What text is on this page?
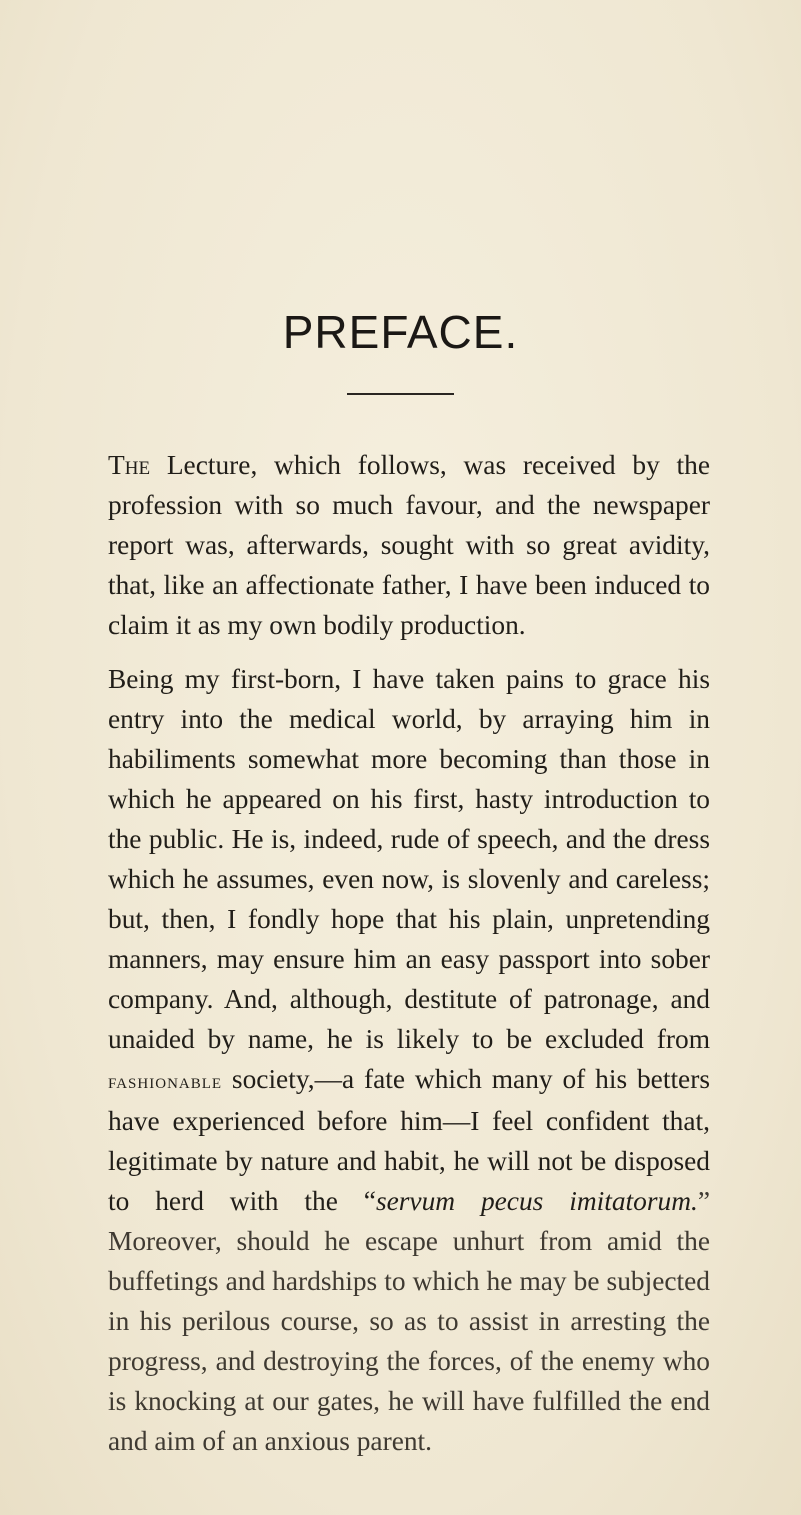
PREFACE.

The Lecture, which follows, was received by the profession with so much favour, and the newspaper report was, afterwards, sought with so great avidity, that, like an affectionate father, I have been induced to claim it as my own bodily production.

Being my first-born, I have taken pains to grace his entry into the medical world, by arraying him in habiliments somewhat more becoming than those in which he appeared on his first, hasty introduction to the public. He is, indeed, rude of speech, and the dress which he assumes, even now, is slovenly and careless; but, then, I fondly hope that his plain, unpretending manners, may ensure him an easy passport into sober company. And, although, destitute of patronage, and unaided by name, he is likely to be excluded from fashionable society,—a fate which many of his betters have experienced before him—I feel confident that, legitimate by nature and habit, he will not be disposed to herd with the “servum pecus imitatorum.” Moreover, should he escape unhurt from amid the buffetings and hardships to which he may be subjected in his perilous course, so as to assist in arresting the progress, and destroying the forces, of the enemy who is knocking at our gates, he will have fulfilled the end and aim of an anxious parent.
